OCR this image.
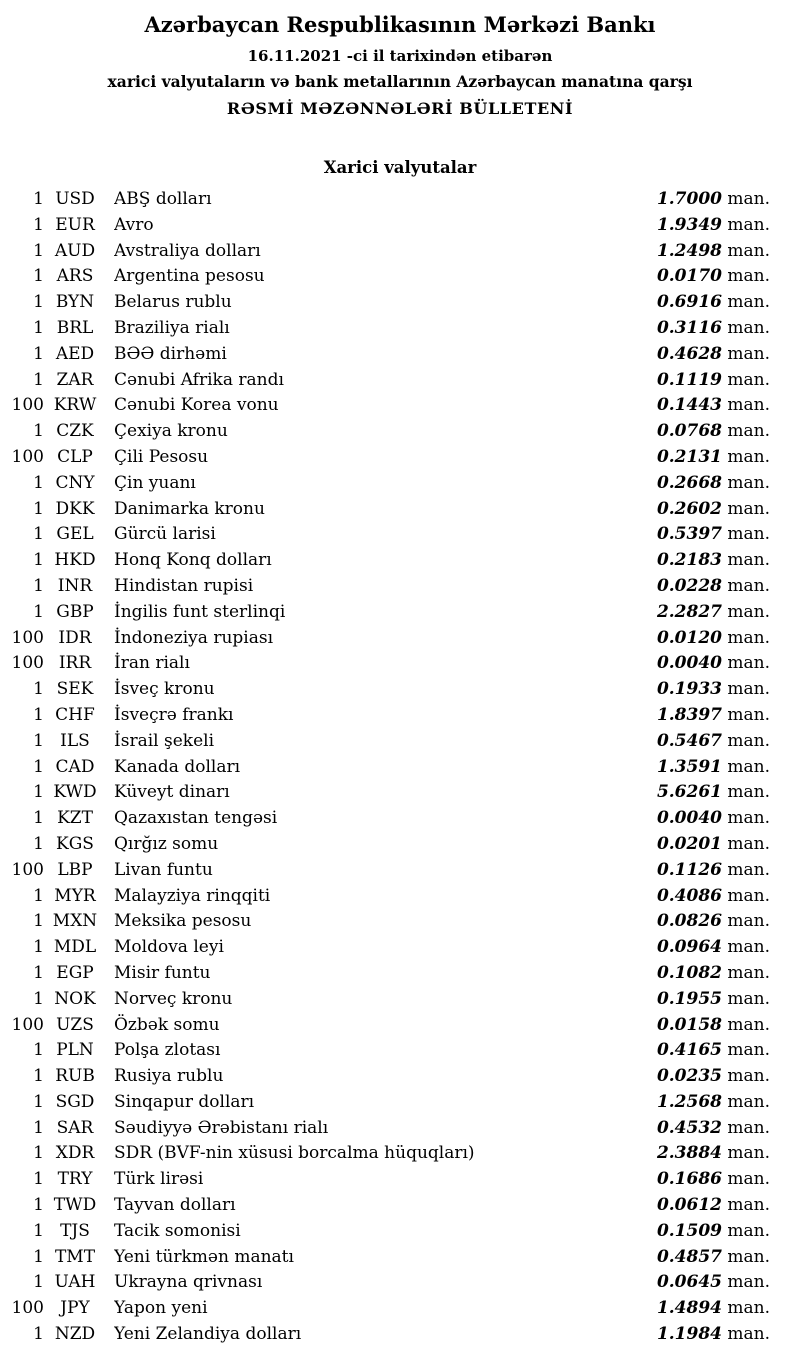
Azərbaycan Respublikasının Mərkəzi Bankı
16.11.2021 -ci il tarixindən etibarən
xarici valyutaların və bank metallarının Azərbaycan manatına qarşı
RƏSMİ MƏZƏNNƏLƏRİ BÜLLETENİ
Xarici valyutalar
1 USD	ABŞ dolları	1.7000 man.
1 EUR	Avro	1.9349 man.
1 AUD	Avstraliya dolları	1.2498 man.
1 ARS	Argentina pesosu	0.0170 man.
1 BYN	Belarus rublu	0.6916 man.
1 BRL	Braziliya rialı	0.3116 man.
1 AED	BƏƏ dirhəmi	0.4628 man.
1 ZAR	Cənubi Afrika randı	0.1119 man.
100 KRW	Cənubi Korea vonu	0.1443 man.
1 CZK	Çexiya kronu	0.0768 man.
100 CLP	Çili Pesosu	0.2131 man.
1 CNY	Çin yuanı	0.2668 man.
1 DKK	Danimarka kronu	0.2602 man.
1 GEL	Gürcü larisi	0.5397 man.
1 HKD	Honq Konq dolları	0.2183 man.
1 INR	Hindistan rupisi	0.0228 man.
1 GBP	İngilis funt sterlinqi	2.2827 man.
100 IDR	İndoneziya rupiası	0.0120 man.
100 IRR	İran rialı	0.0040 man.
1 SEK	İsveç kronu	0.1933 man.
1 CHF	İsveçrə frankı	1.8397 man.
1 ILS	İsrail şekeli	0.5467 man.
1 CAD	Kanada dolları	1.3591 man.
1 KWD	Küveyt dinarı	5.6261 man.
1 KZT	Qazaxıstan tengəsi	0.0040 man.
1 KGS	Qırğız somu	0.0201 man.
100 LBP	Livan funtu	0.1126 man.
1 MYR	Malayziya rinqqiti	0.4086 man.
1 MXN Meksika pesosu	0.0826 man.
1 MDL	Moldova leyi	0.0964 man.
1 EGP	Misir funtu	0.1082 man.
1 NOK	Norveç kronu	0.1955 man.
100 UZS	Özbək somu	0.0158 man.
1 PLN	Polşa zlotası	0.4165 man.
1 RUB	Rusiya rublu	0.0235 man.
1 SGD	Sinqapur dolları	1.2568 man.
1 SAR	Səudiyyə Ərəbistanı rialı	0.4532 man.
1 XDR	SDR (BVF-nin xüsusi borcalma hüquqları)	2.3884 man.
1 TRY	Türk lirəsi	0.1686 man.
1 TWD	Tayvan dolları	0.0612 man.
1 TJS	Tacik somonisi	0.1509 man.
1 TMT	Yeni türkmən manatı	0.4857 man.
1 UAH	Ukrayna qrivnası	0.0645 man.
100 JPY	Yapon yeni	1.4894 man.
1 NZD	Yeni Zelandiya dolları	1.1984 man.
